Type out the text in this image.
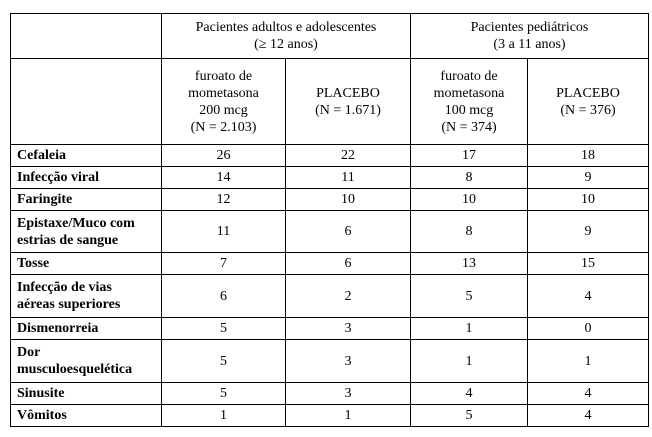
	Pacientes adultos e adolescentes
(≥ 12 anos)		Pacientes pediátricos
(3 a 11 anos)	

	furoato de
mometasona
200 mcg
(N = 2.103)	PLACEBO
(N = 1.671)	furoato de
mometasona
100 mcg
(N = 374)	PLACEBO
(N = 376)

Cefaleia	26	22	17	18
Infecção viral	14	11	8	9
Faringite	12	10	10	10
Epistaxe/Muco com
estrias de sangue	11	6	8	9
Tosse	7	6	13	15
Infecção de vias
aéreas superiores	6	2	5	4
Dismenorreia	5	3	1	0
Dor
musculoesquelética	5	3	1	1
Sinusite	5	3	4	4
Vômitos	1	1	5	4
